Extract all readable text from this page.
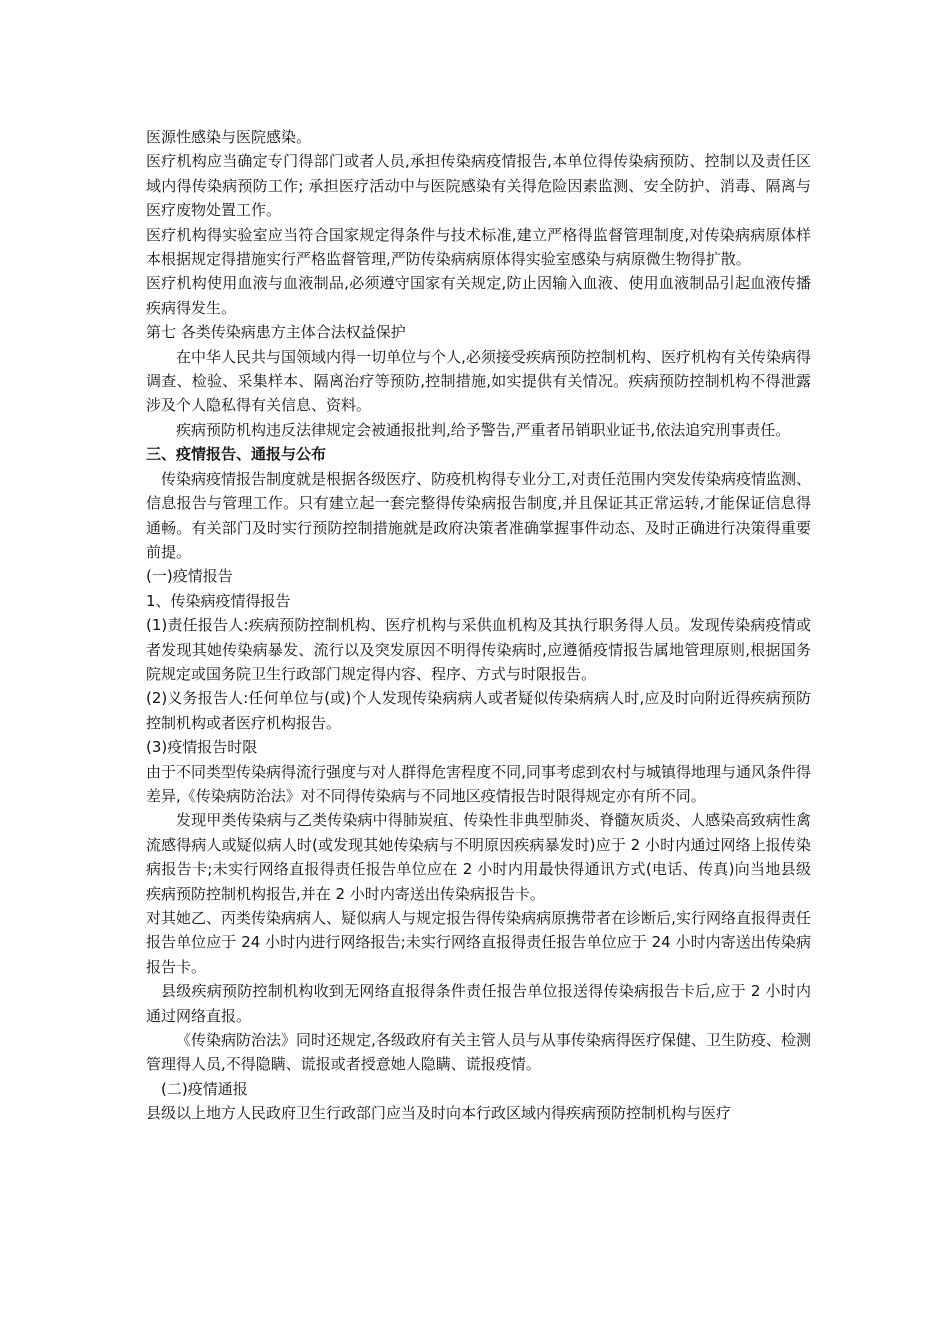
医源性感染与医院感染。

医疗机构应当确定专门得部门或者人员,承担传染病疫情报告,本单位得传染病预防、控制以及责任区域内得传染病预防工作; 承担医疗活动中与医院感染有关得危险因素监测、安全防护、消毒、隔离与医疗废物处置工作。

医疗机构得实验室应当符合国家规定得条件与技术标准,建立严格得监督管理制度,对传染病病原体样本根据规定得措施实行严格监督管理,严防传染病病原体得实验室感染与病原微生物得扩散。

医疗机构使用血液与血液制品,必须遵守国家有关规定,防止因输入血液、使用血液制品引起血液传播疾病得发生。

第七 各类传染病患方主体合法权益保护

在中华人民共与国领域内得一切单位与个人,必须接受疾病预防控制机构、医疗机构有关传染病得调查、检验、采集样本、隔离治疗等预防,控制措施,如实提供有关情况。疾病预防控制机构不得泄露涉及个人隐私得有关信息、资料。

疾病预防机构违反法律规定会被通报批判,给予警告,严重者吊销职业证书,依法追究刑事责任。

三、疫情报告、通报与公布

传染病疫情报告制度就是根据各级医疗、防疫机构得专业分工,对责任范围内突发传染病疫情监测、信息报告与管理工作。只有建立起一套完整得传染病报告制度,并且保证其正常运转,才能保证信息得通畅。有关部门及时实行预防控制措施就是政府决策者准确掌握事件动态、及时正确进行决策得重要前提。

(一)疫情报告

1、传染病疫情得报告

(1)责任报告人:疾病预防控制机构、医疗机构与采供血机构及其执行职务得人员。发现传染病疫情或者发现其她传染病暴发、流行以及突发原因不明得传染病时,应遵循疫情报告属地管理原则,根据国务院规定或国务院卫生行政部门规定得内容、程序、方式与时限报告。

(2)义务报告人:任何单位与(或)个人发现传染病病人或者疑似传染病病人时,应及时向附近得疾病预防控制机构或者医疗机构报告。

(3)疫情报告时限

由于不同类型传染病得流行强度与对人群得危害程度不同,同事考虑到农村与城镇得地理与通风条件得差异,《传染病防治法》对不同得传染病与不同地区疫情报告时限得规定亦有所不同。

发现甲类传染病与乙类传染病中得肺炭疽、传染性非典型肺炎、脊髓灰质炎、人感染高致病性禽流感得病人或疑似病人时(或发现其她传染病与不明原因疾病暴发时)应于 2 小时内通过网络上报传染病报告卡;未实行网络直报得责任报告单位应在 2 小时内用最快得通讯方式(电话、传真)向当地县级疾病预防控制机构报告,并在 2 小时内寄送出传染病报告卡。

对其她乙、丙类传染病病人、疑似病人与规定报告得传染病病原携带者在诊断后,实行网络直报得责任报告单位应于 24 小时内进行网络报告;未实行网络直报得责任报告单位应于 24 小时内寄送出传染病报告卡。

县级疾病预防控制机构收到无网络直报得条件责任报告单位报送得传染病报告卡后,应于 2 小时内通过网络直报。

《传染病防治法》同时还规定,各级政府有关主管人员与从事传染病得医疗保健、卫生防疫、检测管理得人员,不得隐瞒、谎报或者授意她人隐瞒、谎报疫情。

(二)疫情通报

县级以上地方人民政府卫生行政部门应当及时向本行政区域内得疾病预防控制机构与医疗
